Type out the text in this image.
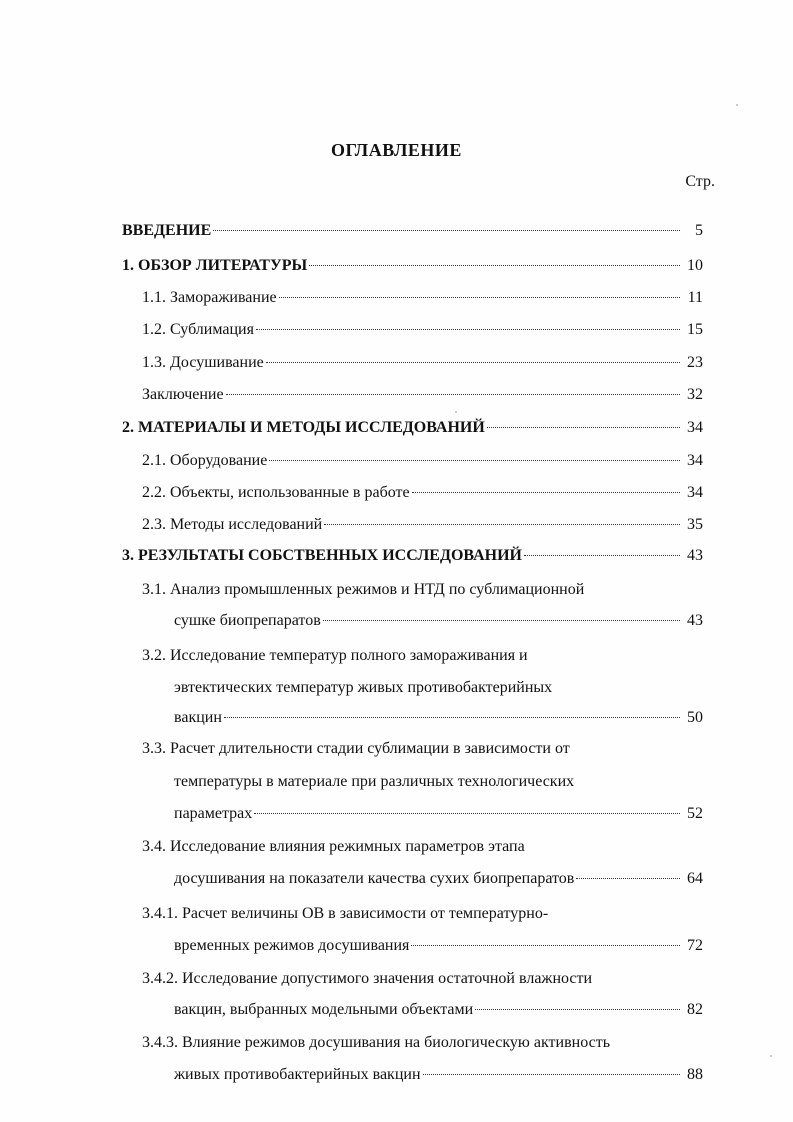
ОГЛАВЛЕНИЕ
Стр.
ВВЕДЕНИЕ	5
1. ОБЗОР ЛИТЕРАТУРЫ	10
1.1. Замораживание	11
1.2. Сублимация	15
1.3. Досушивание	23
Заключение	32
2. МАТЕРИАЛЫ И МЕТОДЫ ИССЛЕДОВАНИЙ	34
2.1. Оборудование	34
2.2. Объекты, использованные в работе	34
2.3. Методы исследований	35
3. РЕЗУЛЬТАТЫ СОБСТВЕННЫХ ИССЛЕДОВАНИЙ	43
3.1. Анализ промышленных режимов и НТД по сублимационной
сушке биопрепаратов	43
3.2. Исследование температур полного замораживания и
эвтектических температур живых противобактерийных
вакцин	50
3.3. Расчет длительности стадии сублимации в зависимости от
температуры в материале при различных технологических
параметрах	52
3.4. Исследование влияния режимных параметров этапа
досушивания на показатели качества сухих биопрепаратов	64
3.4.1. Расчет величины ОВ в зависимости от температурно-
временных режимов досушивания	72
3.4.2. Исследование допустимого значения остаточной влажности
вакцин, выбранных модельными объектами	82
3.4.3. Влияние режимов досушивания на биологическую активность
живых противобактерийных вакцин	88
